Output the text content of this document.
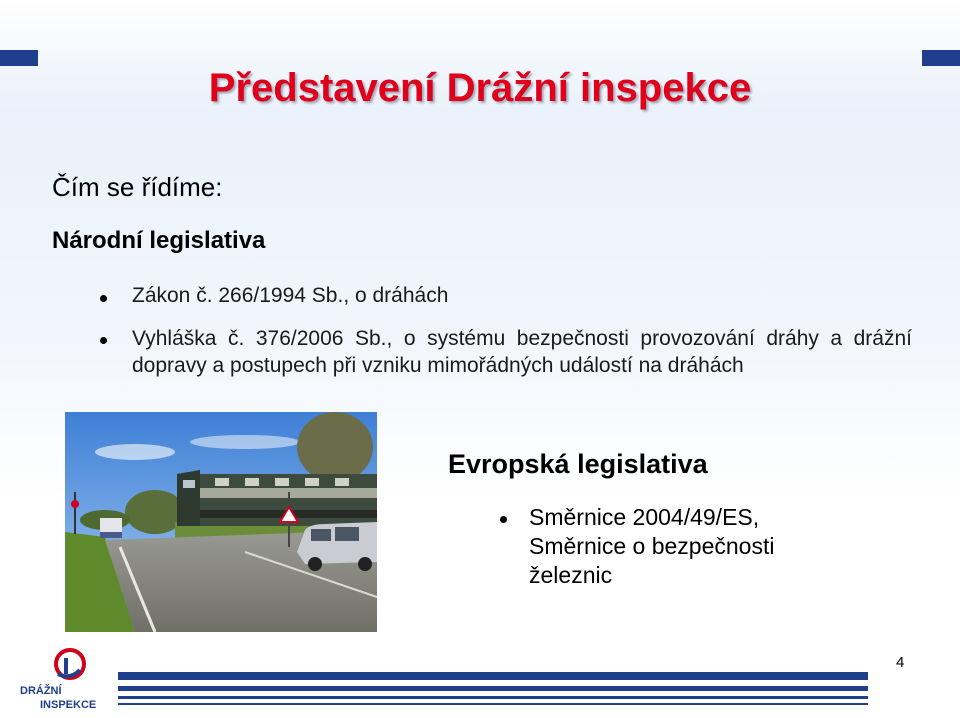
Představení Drážní inspekce
Čím se řídíme:
Národní legislativa
Zákon č. 266/1994 Sb., o dráhách
Vyhláška č. 376/2006 Sb., o systému bezpečnosti provozování dráhy a drážní dopravy a postupech při vzniku mimořádných událostí na dráhách
Evropská legislativa
Směrnice 2004/49/ES, Směrnice o bezpečnosti železnic
4
DRÁŽNÍ
INSPEKCE
